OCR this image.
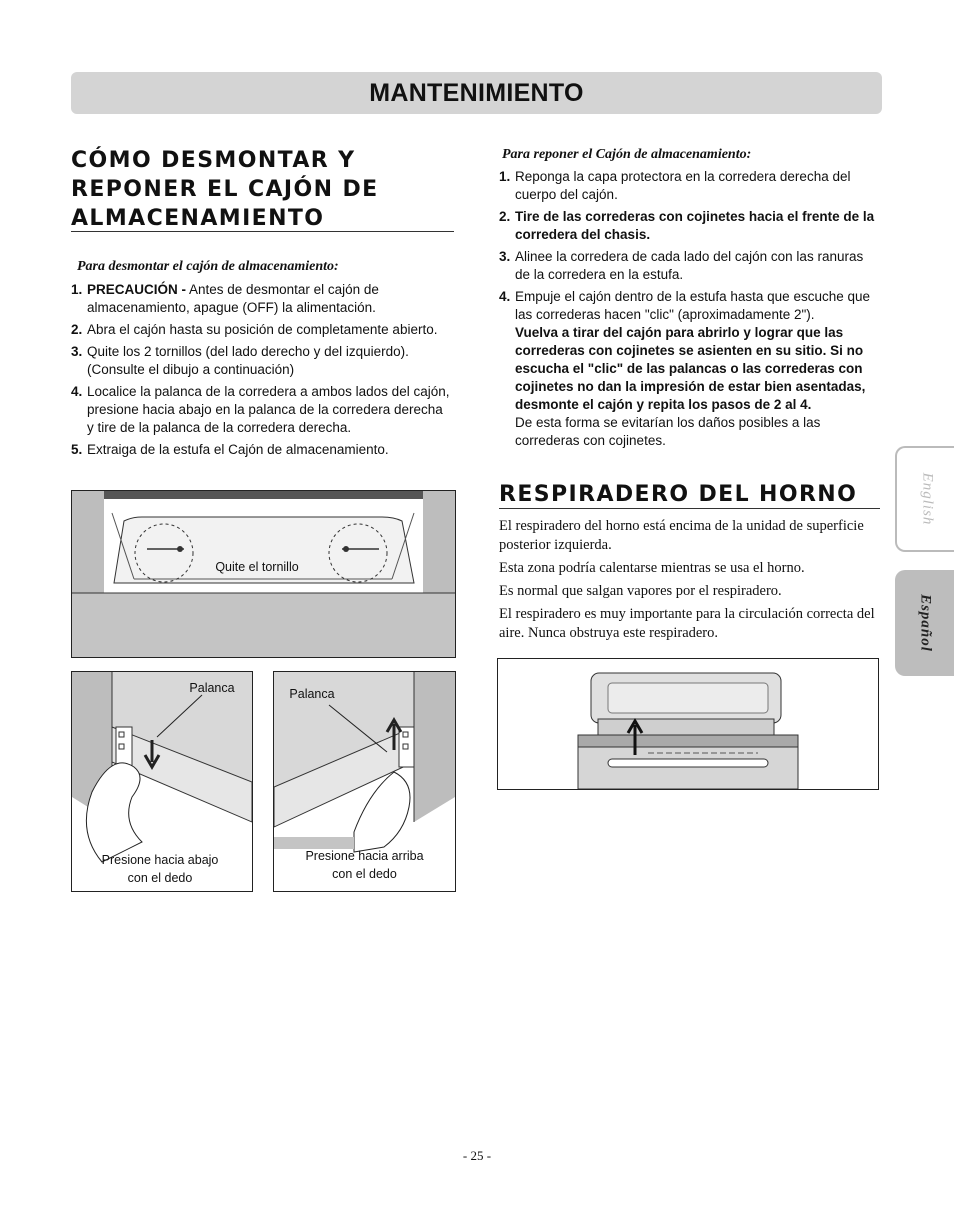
MANTENIMIENTO
CÓMO DESMONTAR Y
REPONER EL CAJÓN DE
ALMACENAMIENTO
Para desmontar el cajón de almacenamiento:
1. PRECAUCIÓN - Antes de desmontar el cajón de almacenamiento, apague (OFF) la alimentación.
2. Abra el cajón hasta su posición de completamente abierto.
3. Quite los 2 tornillos (del lado derecho y del izquierdo). (Consulte el dibujo a continuación)
4. Localice la palanca de la corredera a ambos lados del cajón, presione hacia abajo en la palanca de la corredera derecha y tire de la palanca de la corredera derecha.
5. Extraiga de la estufa el Cajón de almacenamiento.
Quite el tornillo
Palanca
Presione hacia abajo
con el dedo
Palanca
Presione hacia arriba
con el dedo
Para reponer el Cajón de almacenamiento:
1. Reponga la capa protectora en la corredera derecha del cuerpo del cajón.
2. Tire de las correderas con cojinetes hacia el frente de la corredera del chasis.
3. Alinee la corredera de cada lado del cajón con las ranuras de la corredera en la estufa.
4. Empuje el cajón dentro de la estufa hasta que escuche que las correderas hacen "clic" (aproximadamente 2").
Vuelva a tirar del cajón para abrirlo y lograr que las correderas con cojinetes se asienten en su sitio. Si no escucha el "clic" de las palancas o las correderas con cojinetes no dan la impresión de estar bien asentadas, desmonte el cajón y repita los pasos de 2 al 4.
De esta forma se evitarían los daños posibles a las correderas con cojinetes.
RESPIRADERO DEL HORNO

El respiradero del horno está encima de la unidad de superficie posterior izquierda.

Esta zona podría calentarse mientras se usa el horno.

Es normal que salgan vapores por el respiradero.

El respiradero es muy importante para la circulación correcta del aire. Nunca obstruya este respiradero.

English
Español
- 25 -
